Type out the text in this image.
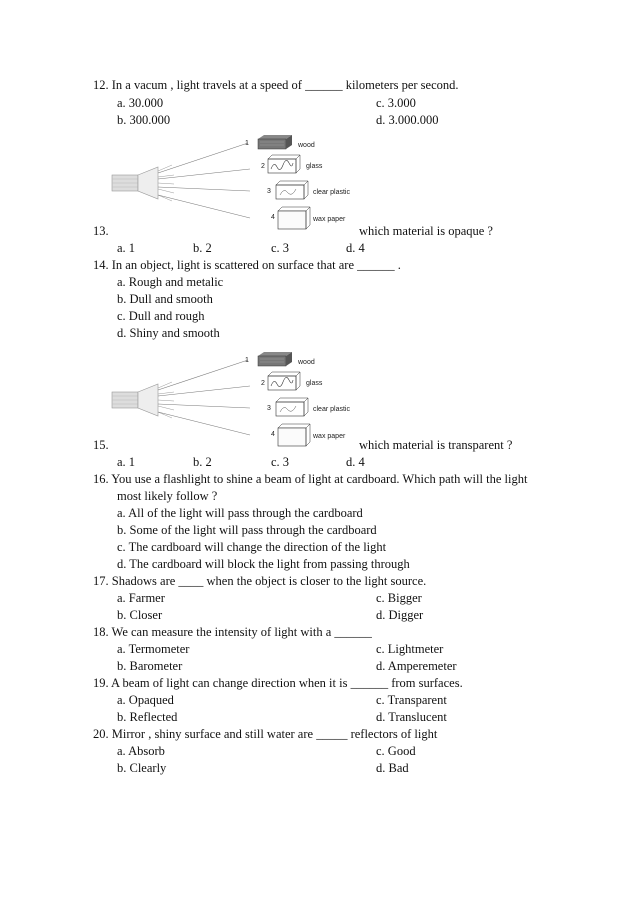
12. In a vacum , light travels at a speed of ______ kilometers per second.
a. 30.000	c. 3.000
b. 300.000	d. 3.000.000
1
2
3
4
wood
glass
clear plastic
wax paper
13.	which material is opaque ?
a. 1	b. 2	c. 3	d. 4
14. In an object, light is scattered on surface that are ______ .
a. Rough and metalic
b. Dull and smooth
c. Dull and rough
d. Shiny and smooth
1
2
3
4
wood
glass
clear plastic
wax paper
15.	which material is transparent ?
a. 1	b. 2	c. 3	d. 4
16. You use a flashlight to shine a beam of light at cardboard. Which path will the light
most likely follow ?
a. All of the light will pass through the cardboard
b. Some of the light will pass through the cardboard
c. The cardboard will change the direction of the light
d. The cardboard will block the light from passing through
17. Shadows are ____ when the object is closer to the light source.
a. Farmer	c. Bigger
b. Closer	d. Digger
18. We can measure the intensity of light with a ______
a. Termometer	c. Lightmeter
b. Barometer	d. Amperemeter
19. A beam of light can change direction when it is ______ from surfaces.
a. Opaqued	c. Transparent
b. Reflected	d. Translucent
20. Mirror , shiny surface and still water are _____ reflectors of light
a. Absorb	c. Good
b. Clearly	d. Bad
